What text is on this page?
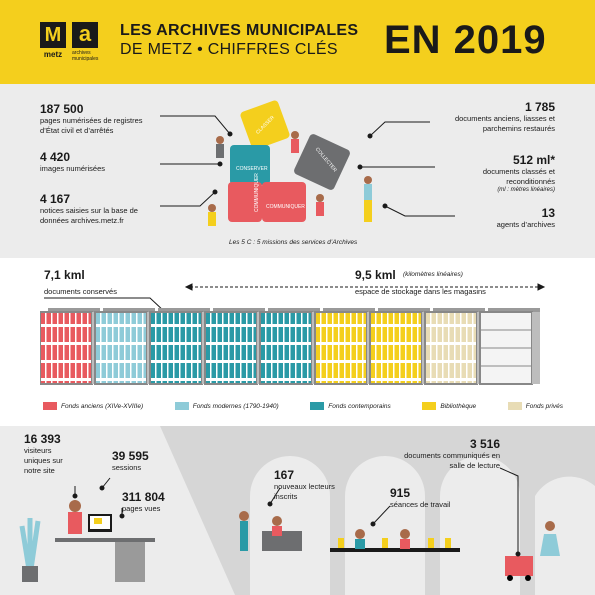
M
metz
a
archives municipales
LES ARCHIVES MUNICIPALES
DE METZ • CHIFFRES CLÉS EN 2019
187 500
pages numérisées de registres d’État civil et d’arrêtés
4 420
images numérisées
4 167
notices saisies sur la base de données archives.metz.fr
1 785
documents anciens, liasses et parchemins restaurés
512 ml*
documents classés et reconditionnés
(ml : mètres linéaires)
13
agents d’archives
CLASSER
CONSERVER	COLLECTER
COMMUNIQUER COMMUNIQUER
Les 5 C : 5 missions des services d’Archives
7,1 kml
documents conservés
9,5 kml (kilomètres linéaires)
espace de stockage dans les magasins
Fonds anciens (XIVe-XVIIIe)	Fonds modernes (1790-1940)	Fonds contemporains	Bibliothèque	Fonds privés
16 393
visiteurs uniques sur notre site
39 595
sessions
311 804
pages vues
167
nouveaux lecteurs inscrits	915
séances de travail
3 516
documents communiqués en salle de lecture
